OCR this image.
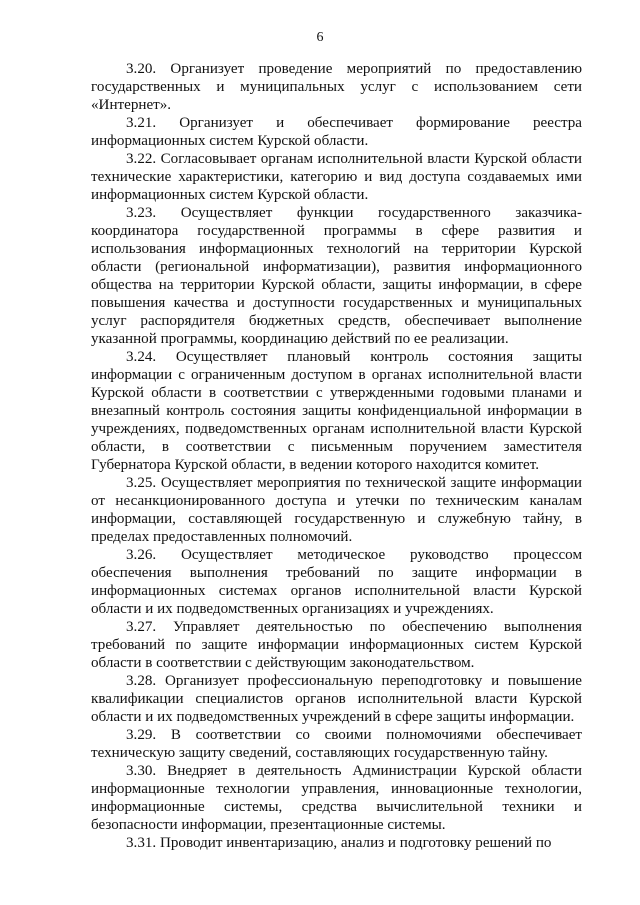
6

3.20. Организует проведение мероприятий по предоставлению государственных и муниципальных услуг с использованием сети «Интернет».

3.21. Организует и обеспечивает формирование реестра информационных систем Курской области.

3.22. Согласовывает органам исполнительной власти Курской области технические характеристики, категорию и вид доступа создаваемых ими информационных систем Курской области.

3.23. Осуществляет функции государственного заказчика-координатора государственной программы в сфере развития и использования информационных технологий на территории Курской области (региональной информатизации), развития информационного общества на территории Курской области, защиты информации, в сфере повышения качества и доступности государственных и муниципальных услуг распорядителя бюджетных средств, обеспечивает выполнение указанной программы, координацию действий по ее реализации.

3.24. Осуществляет плановый контроль состояния защиты информации с ограниченным доступом в органах исполнительной власти Курской области в соответствии с утвержденными годовыми планами и внезапный контроль состояния защиты конфиденциальной информации в учреждениях, подведомственных органам исполнительной власти Курской области, в соответствии с письменным поручением заместителя Губернатора Курской области, в ведении которого находится комитет.

3.25. Осуществляет мероприятия по технической защите информации от несанкционированного доступа и утечки по техническим каналам информации, составляющей государственную и служебную тайну, в пределах предоставленных полномочий.

3.26. Осуществляет методическое руководство процессом обеспечения выполнения требований по защите информации в информационных системах органов исполнительной власти Курской области и их подведомственных организациях и учреждениях.

3.27. Управляет деятельностью по обеспечению выполнения требований по защите информации информационных систем Курской области в соответствии с действующим законодательством.

3.28. Организует профессиональную переподготовку и повышение квалификации специалистов органов исполнительной власти Курской области и их подведомственных учреждений в сфере защиты информации.

3.29. В соответствии со своими полномочиями обеспечивает техническую защиту сведений, составляющих государственную тайну.

3.30. Внедряет в деятельность Администрации Курской области информационные технологии управления, инновационные технологии, информационные системы, средства вычислительной техники и безопасности информации, презентационные системы.

3.31. Проводит инвентаризацию, анализ и подготовку решений по
